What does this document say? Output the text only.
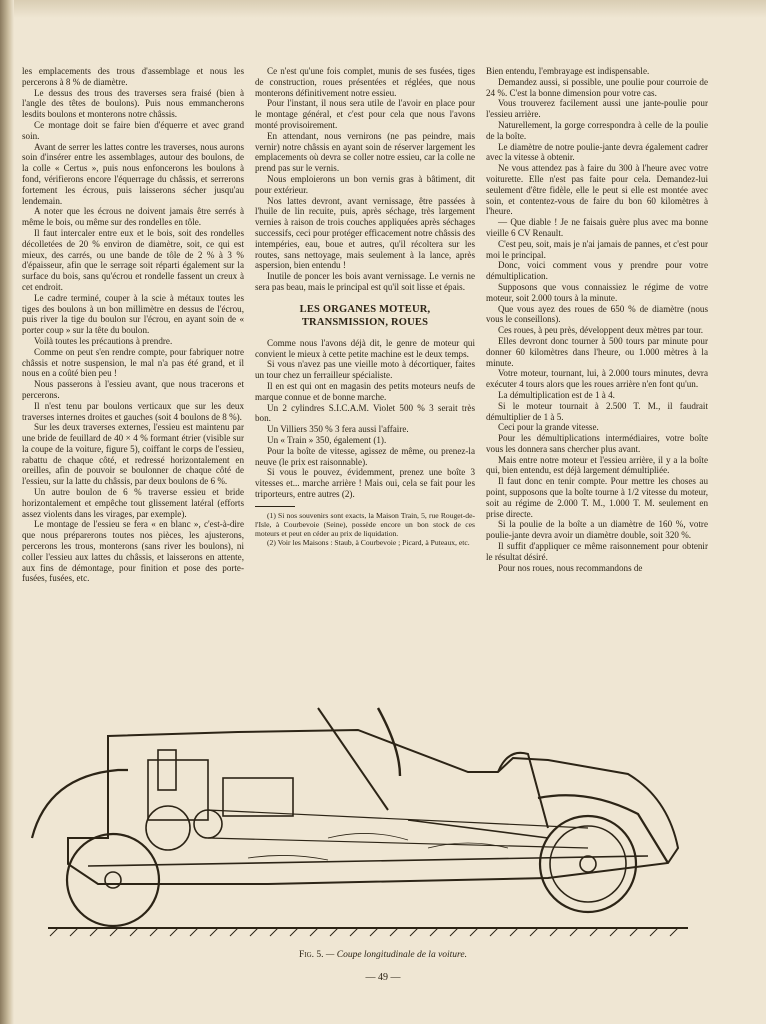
les emplacements des trous d'assemblage et nous les percerons à 8 % de diamètre.

Le dessus des trous des traverses sera fraisé (bien à l'angle des têtes de boulons). Puis nous emmancherons lesdits boulons et monterons notre châssis.

Ce montage doit se faire bien d'équerre et avec grand soin.

Avant de serrer les lattes contre les traverses, nous aurons soin d'insérer entre les assemblages, autour des boulons, de la colle « Certus », puis nous enfoncerons les boulons à fond, vérifierons encore l'équerrage du châssis, et serrerons fortement les écrous, puis laisserons sécher jusqu'au lendemain.

A noter que les écrous ne doivent jamais être serrés à même le bois, ou même sur des rondelles en tôle.

Il faut intercaler entre eux et le bois, soit des rondelles décolletées de 20 % environ de diamètre, soit, ce qui est mieux, des carrés, ou une bande de tôle de 2 % à 3 % d'épaisseur, afin que le serrage soit réparti également sur la surface du bois, sans qu'écrou et rondelle fassent un creux à cet endroit.

Le cadre terminé, couper à la scie à métaux toutes les tiges des boulons à un bon millimètre en dessus de l'écrou, puis river la tige du boulon sur l'écrou, en ayant soin de « porter coup » sur la tête du boulon.

Voilà toutes les précautions à prendre.

Comme on peut s'en rendre compte, pour fabriquer notre châssis et notre suspension, le mal n'a pas été grand, et il nous en a coûté bien peu !

Nous passerons à l'essieu avant, que nous tracerons et percerons.

Il n'est tenu par boulons verticaux que sur les deux traverses internes droites et gauches (soit 4 boulons de 8 %).

Sur les deux traverses externes, l'essieu est maintenu par une bride de feuillard de 40 × 4 % formant étrier (visible sur la coupe de la voiture, figure 5), coiffant le corps de l'essieu, rabattu de chaque côté, et redressé horizontalement en oreilles, afin de pouvoir se boulonner de chaque côté de l'essieu, sur la latte du châssis, par deux boulons de 6 %.

Un autre boulon de 6 % traverse essieu et bride horizontalement et empêche tout glissement latéral (efforts assez violents dans les virages, par exemple).

Le montage de l'essieu se fera « en blanc », c'est-à-dire que nous préparerons toutes nos pièces, les ajusterons, percerons les trous, monterons (sans river les boulons), ni coller l'essieu aux lattes du châssis, et laisserons en attente, aux fins de démontage, pour finition et pose des porte-fusées, fusées, etc.

Ce n'est qu'une fois complet, munis de ses fusées, tiges de construction, roues présentées et réglées, que nous monterons définitivement notre essieu.

Pour l'instant, il nous sera utile de l'avoir en place pour le montage général, et c'est pour cela que nous l'avons monté provisoirement.

En attendant, nous vernirons (ne pas peindre, mais vernir) notre châssis en ayant soin de réserver largement les emplacements où devra se coller notre essieu, car la colle ne prend pas sur le vernis.

Nous emploierons un bon vernis gras à bâtiment, dit pour extérieur.

Nos lattes devront, avant vernissage, être passées à l'huile de lin recuite, puis, après séchage, très largement vernies à raison de trois couches appliquées après séchages successifs, ceci pour protéger efficacement notre châssis des intempéries, eau, boue et autres, qu'il récoltera sur les routes, sans nettoyage, mais seulement à la lance, après aspersion, bien entendu !

Inutile de poncer les bois avant vernissage. Le vernis ne sera pas beau, mais le principal est qu'il soit lisse et épais.

LES ORGANES MOTEUR,
TRANSMISSION, ROUES

Comme nous l'avons déjà dit, le genre de moteur qui convient le mieux à cette petite machine est le deux temps.

Si vous n'avez pas une vieille moto à décortiquer, faites un tour chez un ferrailleur spécialiste.

Il en est qui ont en magasin des petits moteurs neufs de marque connue et de bonne marche.

Un 2 cylindres S.I.C.A.M. Violet 500 % 3 serait très bon.

Un Villiers 350 % 3 fera aussi l'affaire.

Un « Train » 350, également (1).

Pour la boîte de vitesse, agissez de même, ou prenez-la neuve (le prix est raisonnable).

Si vous le pouvez, évidemment, prenez une boîte 3 vitesses et... marche arrière ! Mais oui, cela se fait pour les triporteurs, entre autres (2).

(1) Si nos souvenirs sont exacts, la Maison Train, 5, rue Rouget-de-l'Isle, à Courbevoie (Seine), possède encore un bon stock de ces moteurs et peut en céder au prix de liquidation.

(2) Voir les Maisons : Staub, à Courbevoie ; Picard, à Puteaux, etc.

Bien entendu, l'embrayage est indispensable.

Demandez aussi, si possible, une poulie pour courroie de 24 %. C'est la bonne dimension pour votre cas.

Vous trouverez facilement aussi une jante-poulie pour l'essieu arrière.

Naturellement, la gorge correspondra à celle de la poulie de la boîte.

Le diamètre de notre poulie-jante devra également cadrer avec la vitesse à obtenir.

Ne vous attendez pas à faire du 300 à l'heure avec votre voiturette. Elle n'est pas faite pour cela. Demandez-lui seulement d'être fidèle, elle le peut si elle est montée avec soin, et contentez-vous de faire du bon 60 kilomètres à l'heure.

— Que diable ! Je ne faisais guère plus avec ma bonne vieille 6 CV Renault.

C'est peu, soit, mais je n'ai jamais de pannes, et c'est pour moi le principal.

Donc, voici comment vous y prendre pour votre démultiplication.

Supposons que vous connaissiez le régime de votre moteur, soit 2.000 tours à la minute.

Que vous ayez des roues de 650 % de diamètre (nous vous le conseillons).

Ces roues, à peu près, développent deux mètres par tour.

Elles devront donc tourner à 500 tours par minute pour donner 60 kilomètres dans l'heure, ou 1.000 mètres à la minute.

Votre moteur, tournant, lui, à 2.000 tours minutes, devra exécuter 4 tours alors que les roues arrière n'en font qu'un.

La démultiplication est de 1 à 4.

Si le moteur tournait à 2.500 T. M., il faudrait démultiplier de 1 à 5.

Ceci pour la grande vitesse.

Pour les démultiplications intermédiaires, votre boîte vous les donnera sans chercher plus avant.

Mais entre notre moteur et l'essieu arrière, il y a la boîte qui, bien entendu, est déjà largement démultipliée.

Il faut donc en tenir compte. Pour mettre les choses au point, supposons que la boîte tourne à 1/2 vitesse du moteur, soit au régime de 2.000 T. M., 1.000 T. M. seulement en prise directe.

Si la poulie de la boîte a un diamètre de 160 %, votre poulie-jante devra avoir un diamètre double, soit 320 %.

Il suffit d'appliquer ce même raisonnement pour obtenir le résultat désiré.

Pour nos roues, nous recommandons de

Fig. 5. — Coupe longitudinale de la voiture.
— 49 —
